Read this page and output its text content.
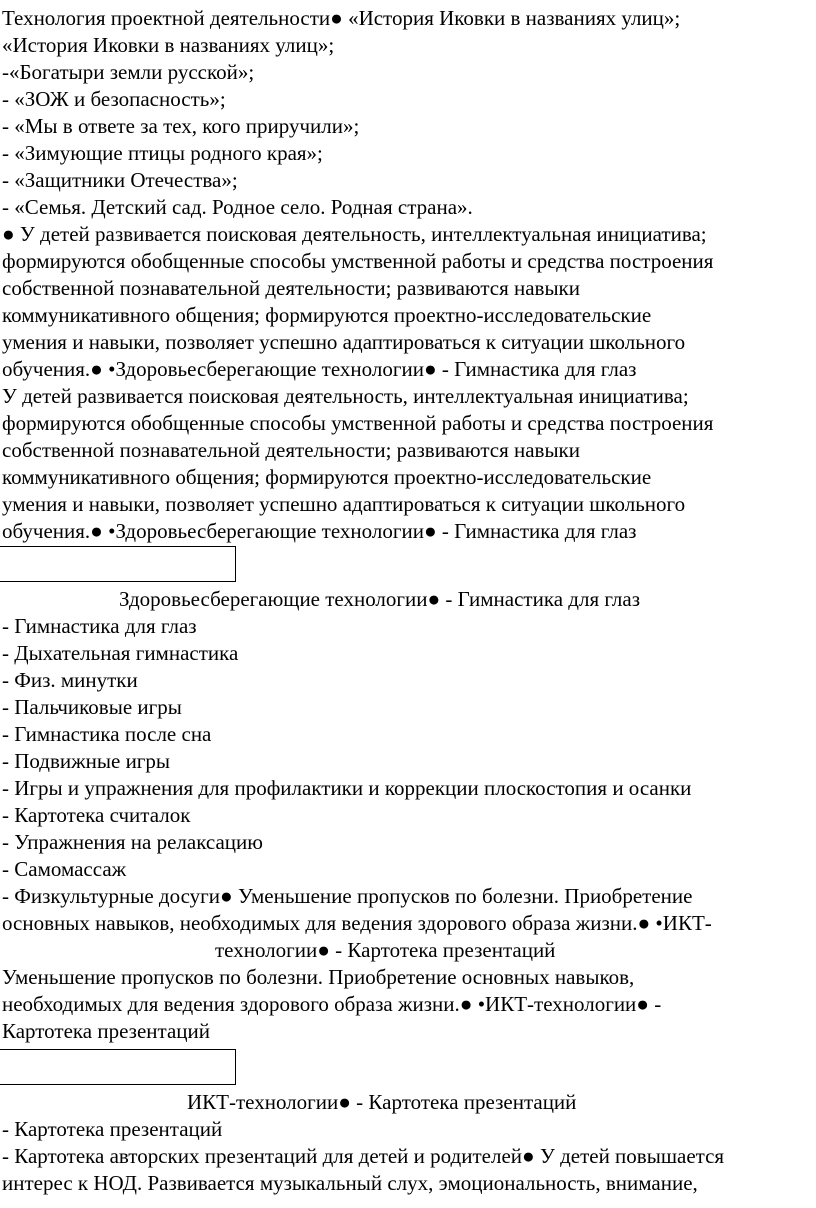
Технология проектной деятельности● «История Иковки в названиях улиц»;
«История Иковки в названиях улиц»;
-«Богатыри земли русской»;
- «ЗОЖ и безопасность»;
- «Мы в ответе за тех, кого приручили»;
- «Зимующие птицы родного края»;
- «Защитники Отечества»;
- «Семья. Детский сад. Родное село. Родная страна».
● У детей развивается поисковая деятельность, интеллектуальная инициатива;
формируются обобщенные способы умственной работы и средства построения
собственной познавательной деятельности; развиваются навыки
коммуникативного общения; формируются проектно-исследовательские
умения и навыки, позволяет успешно адаптироваться к ситуации школьного
обучения.● •Здоровьесберегающие технологии● - Гимнастика для глаз
У детей развивается поисковая деятельность, интеллектуальная инициатива;
формируются обобщенные способы умственной работы и средства построения
собственной познавательной деятельности; развиваются навыки
коммуникативного общения; формируются проектно-исследовательские
умения и навыки, позволяет успешно адаптироваться к ситуации школьного
обучения.● •Здоровьесберегающие технологии● - Гимнастика для глаз
Здоровьесберегающие технологии● - Гимнастика для глаз
- Гимнастика для глаз
- Дыхательная гимнастика
- Физ. минутки
- Пальчиковые игры
- Гимнастика после сна
- Подвижные игры
- Игры и упражнения для профилактики и коррекции плоскостопия и осанки
- Картотека считалок
- Упражнения на релаксацию
- Самомассаж
- Физкультурные досуги● Уменьшение пропусков по болезни. Приобретение
основных навыков, необходимых для ведения здорового образа жизни.● •ИКТ-
технологии● - Картотека презентаций
Уменьшение пропусков по болезни. Приобретение основных навыков,
необходимых для ведения здорового образа жизни.● •ИКТ-технологии● -
Картотека презентаций
ИКТ-технологии● - Картотека презентаций
- Картотека презентаций
- Картотека авторских презентаций для детей и родителей● У детей повышается
интерес к НОД. Развивается музыкальный слух, эмоциональность, внимание,
